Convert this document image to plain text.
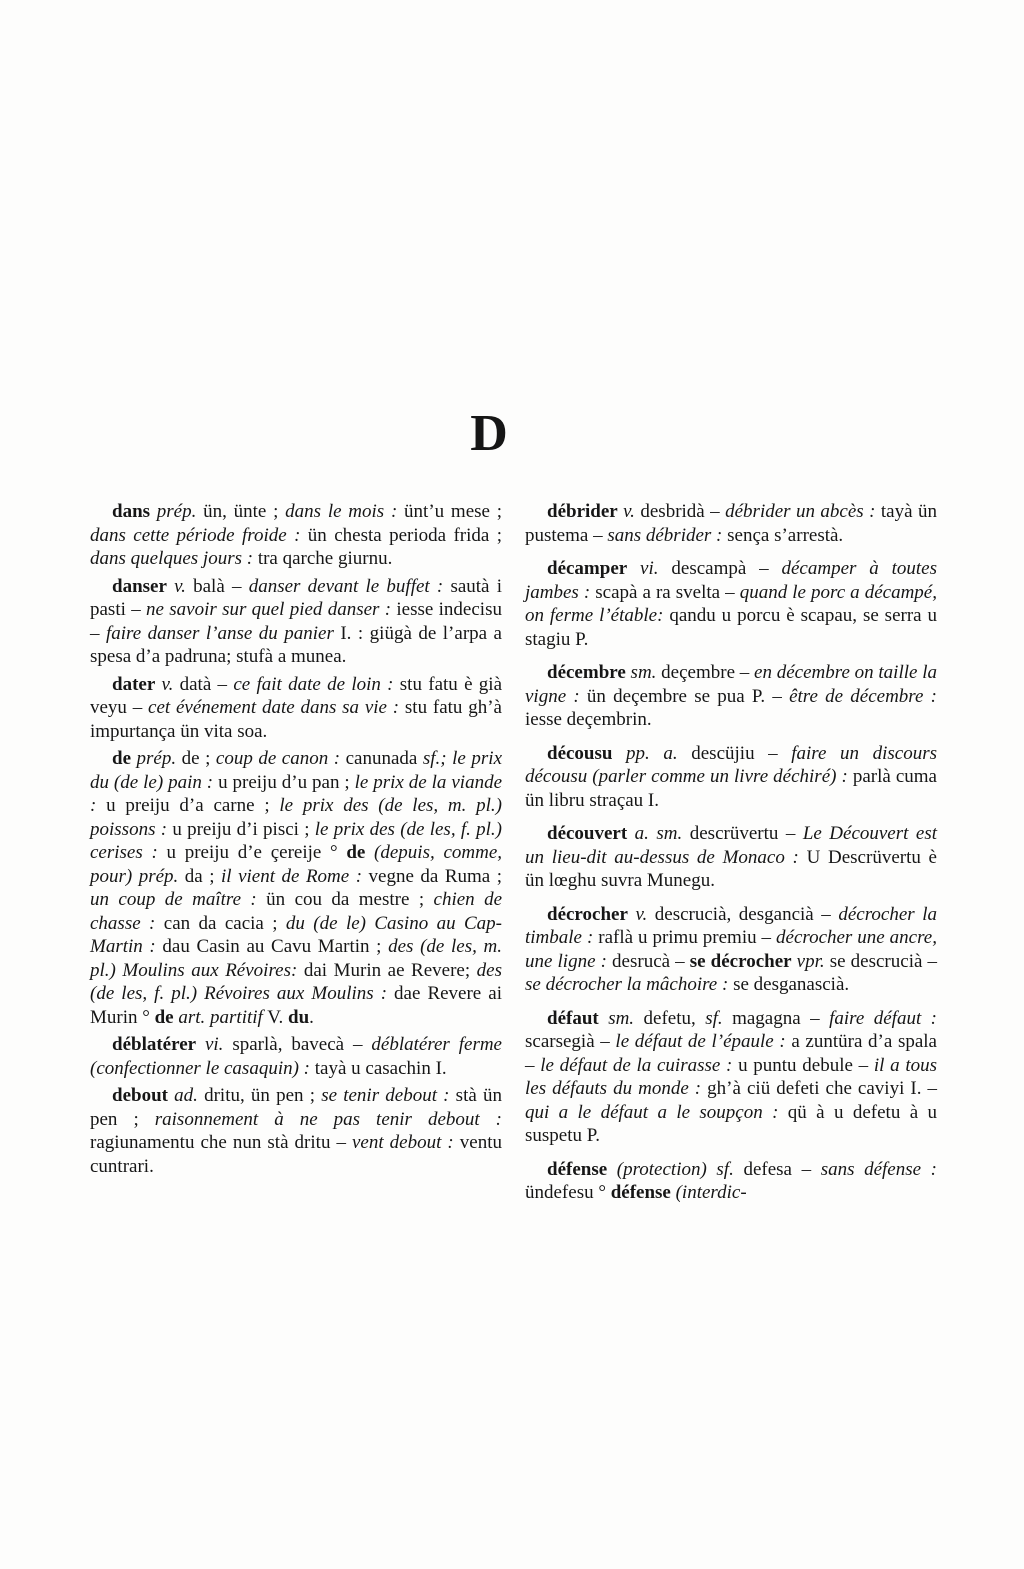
D

dans prép. ün, ünte ; dans le mois : ünt’u mese ; dans cette période froide : ün chesta perioda frida ; dans quelques jours : tra qarche giurnu.

danser v. balà – danser devant le buffet : sautà i pasti – ne savoir sur quel pied danser : iesse indecisu – faire danser l’anse du panier I. : giügà de l’arpa a spesa d’a padruna; stufà a munea.

dater v. datà – ce fait date de loin : stu fatu è già veyu – cet événement date dans sa vie : stu fatu gh’à impurtança ün vita soa.

de prép. de ; coup de canon : canunada sf.; le prix du (de le) pain : u preiju d’u pan ; le prix de la viande : u preiju d’a carne ; le prix des (de les, m. pl.) poissons : u preiju d’i pisci ; le prix des (de les, f. pl.) cerises : u preiju d’e çereije ° de (depuis, comme, pour) prép. da ; il vient de Rome : vegne da Ruma ; un coup de maître : ün cou da mestre ; chien de chasse : can da cacia ; du (de le) Casino au Cap-Martin : dau Casin au Cavu Martin ; des (de les, m. pl.) Moulins aux Révoires: dai Murin ae Revere; des (de les, f. pl.) Révoires aux Moulins : dae Revere ai Murin ° de art. partitif V. du.

déblatérer vi. sparlà, bavecà – déblatérer ferme (confectionner le casaquin) : tayà u casachin I.

debout ad. dritu, ün pen ; se tenir debout : stà ün pen ; raisonnement à ne pas tenir debout : ragiunamentu che nun stà dritu – vent debout : ventu cuntrari.

débrider v. desbridà – débrider un abcès : tayà ün pustema – sans débrider : sença s’arrestà.

décamper vi. descampà – décamper à toutes jambes : scapà a ra svelta – quand le porc a décampé, on ferme l’étable: qandu u porcu è scapau, se serra u stagiu P.

décembre sm. deçembre – en décembre on taille la vigne : ün deçembre se pua P. – être de décembre : iesse deçembrin.

décousu pp. a. descüjiu – faire un discours décousu (parler comme un livre déchiré) : parlà cuma ün libru straçau I.

découvert a. sm. descrüvertu – Le Découvert est un lieu-dit au-dessus de Monaco : U Descrüvertu è ün lœghu suvra Munegu.

décrocher v. descrucià, desgancià – décrocher la timbale : raflà u primu premiu – décrocher une ancre, une ligne : desrucà – se décrocher vpr. se descrucià – se décrocher la mâchoire : se desganascià.

défaut sm. defetu, sf. magagna – faire défaut : scarsegià – le défaut de l’épaule : a zuntüra d’a spala – le défaut de la cuirasse : u puntu debule – il a tous les défauts du monde : gh’à ciü defeti che caviyi I. – qui a le défaut a le soupçon : qü à u defetu à u suspetu P.

défense (protection) sf. defesa – sans défense : ündefesu ° défense (interdic-
